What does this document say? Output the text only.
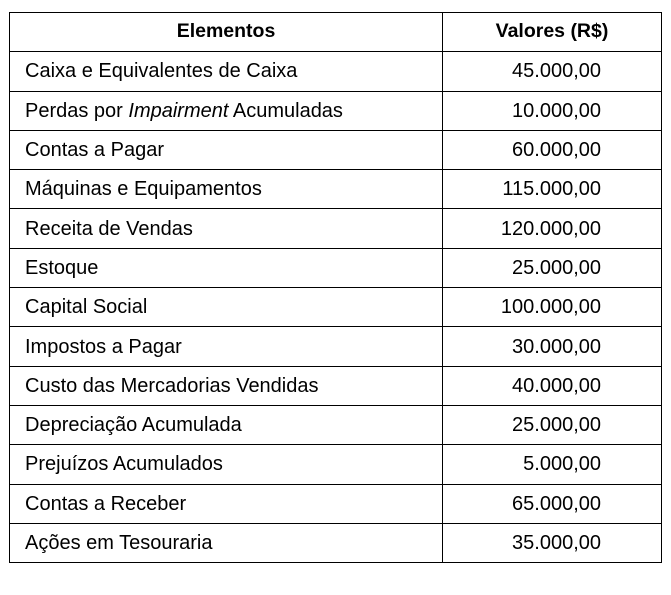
Elementos	Valores (R$)
Caixa e Equivalentes de Caixa	45.000,00
Perdas por Impairment Acumuladas	10.000,00
Contas a Pagar	60.000,00
Máquinas e Equipamentos	115.000,00
Receita de Vendas	120.000,00
Estoque	25.000,00
Capital Social	100.000,00
Impostos a Pagar	30.000,00
Custo das Mercadorias Vendidas	40.000,00
Depreciação Acumulada	25.000,00
Prejuízos Acumulados	5.000,00
Contas a Receber	65.000,00
Ações em Tesouraria	35.000,00
